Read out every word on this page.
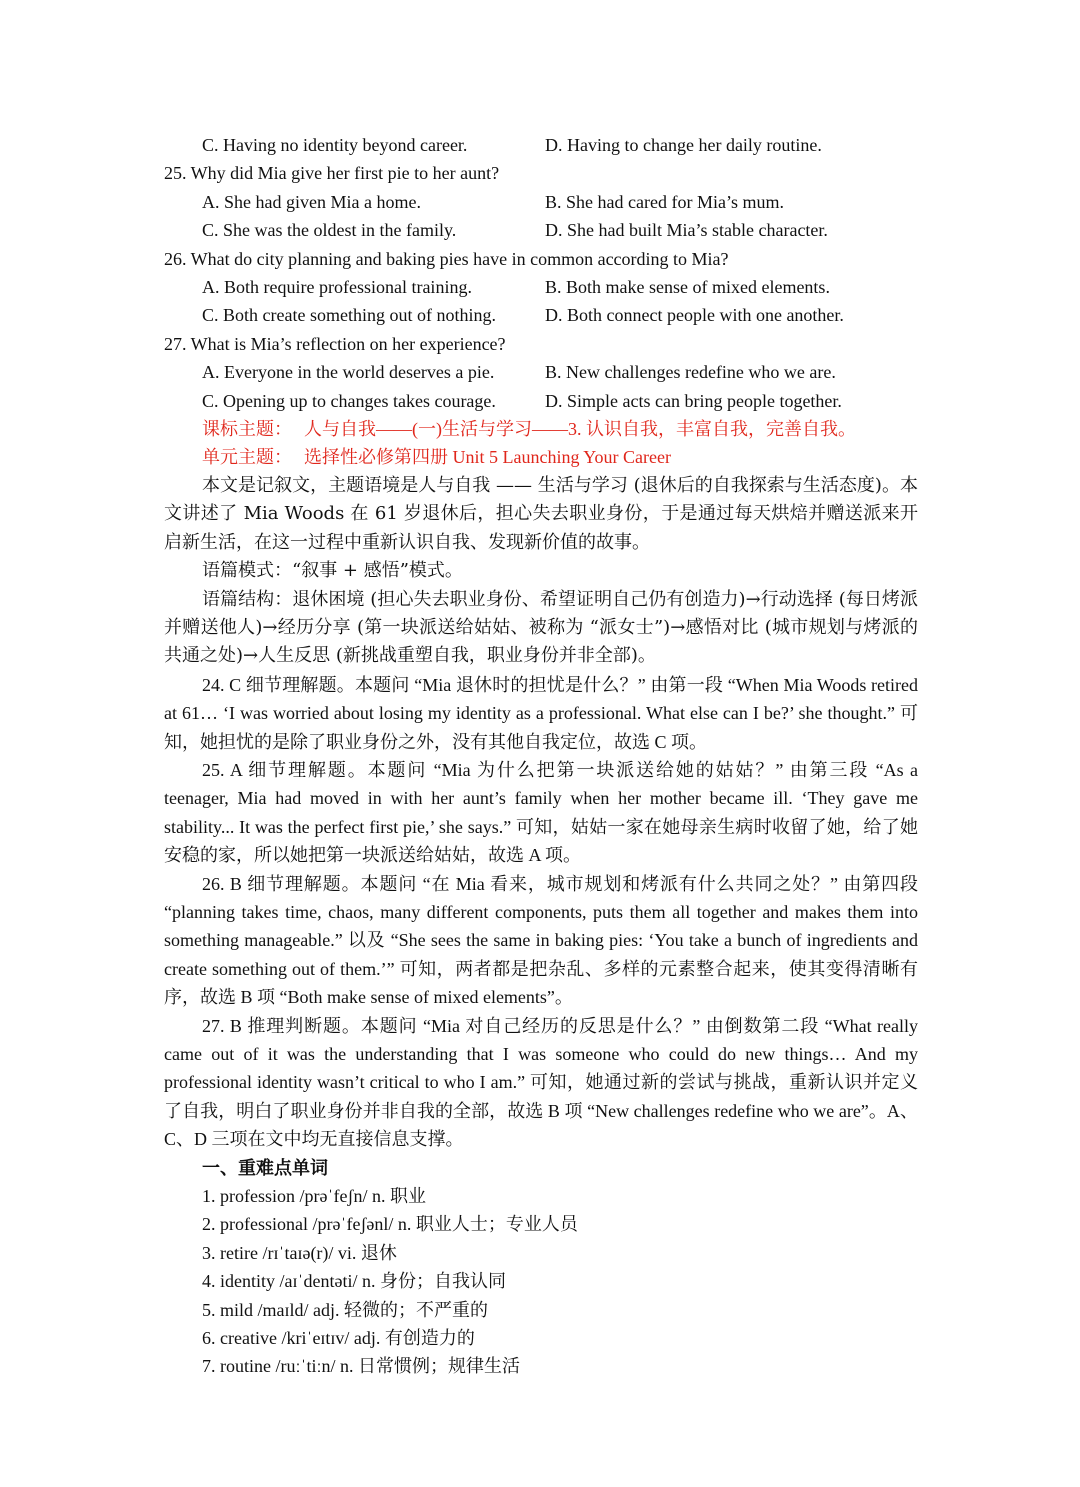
C. Having no identity beyond career.	D. Having to change her daily routine.
25. Why did Mia give her first pie to her aunt?
A. She had given Mia a home.	B. She had cared for Mia’s mum.
C. She was the oldest in the family.	D. She had built Mia’s stable character.
26. What do city planning and baking pies have in common according to Mia?
A. Both require professional training.	B. Both make sense of mixed elements.
C. Both create something out of nothing.	D. Both connect people with one another.
27. What is Mia’s reflection on her experience?
A. Everyone in the world deserves a pie.	B. New challenges redefine who we are.
C. Opening up to changes takes courage.	D. Simple acts can bring people together.
课标主题： 人与自我——(一)生活与学习——3. 认识自我，丰富自我，完善自我。
单元主题： 选择性必修第四册 Unit 5 Launching Your Career
本文是记叙文，主题语境是人与自我 —— 生活与学习 (退休后的自我探索与生活态度)。本文讲述了 Mia Woods 在 61 岁退休后，担心失去职业身份，于是通过每天烘焙并赠送派来开启新生活，在这一过程中重新认识自我、发现新价值的故事。
语篇模式：“叙事 + 感悟”模式。
语篇结构：退休困境 (担心失去职业身份、希望证明自己仍有创造力)→行动选择 (每日烤派并赠送他人)→经历分享 (第一块派送给姑姑、被称为 “派女士”)→感悟对比 (城市规划与烤派的共通之处)→人生反思 (新挑战重塑自我，职业身份并非全部)。
24. C 细节理解题。本题问 “Mia 退休时的担忧是什么？” 由第一段 “When Mia Woods retired at 61… ‘I was worried about losing my identity as a professional. What else can I be?’ she thought.” 可知，她担忧的是除了职业身份之外，没有其他自我定位，故选 C 项。
25. A 细节理解题。本题问 “Mia 为什么把第一块派送给她的姑姑？” 由第三段 “As a teenager, Mia had moved in with her aunt’s family when her mother became ill. ‘They gave me stability... It was the perfect first pie,’ she says.” 可知，姑姑一家在她母亲生病时收留了她，给了她安稳的家，所以她把第一块派送给姑姑，故选 A 项。
26. B 细节理解题。本题问 “在 Mia 看来，城市规划和烤派有什么共同之处？” 由第四段 “planning takes time, chaos, many different components, puts them all together and makes them into something manageable.” 以及 “She sees the same in baking pies: ‘You take a bunch of ingredients and create something out of them.’” 可知，两者都是把杂乱、多样的元素整合起来，使其变得清晰有序，故选 B 项 “Both make sense of mixed elements”。
27. B 推理判断题。本题问 “Mia 对自己经历的反思是什么？” 由倒数第二段 “What really came out of it was the understanding that I was someone who could do new things… And my professional identity wasn’t critical to who I am.” 可知，她通过新的尝试与挑战，重新认识并定义了自我，明白了职业身份并非自我的全部，故选 B 项 “New challenges redefine who we are”。A、C、D 三项在文中均无直接信息支撑。
一、重难点单词
1. profession /prəˈfeʃn/ n. 职业
2. professional /prəˈfeʃənl/ n. 职业人士；专业人员
3. retire /rɪˈtaɪə(r)/ vi. 退休
4. identity /aɪˈdentəti/ n. 身份；自我认同
5. mild /maɪld/ adj. 轻微的；不严重的
6. creative /kriˈeɪtɪv/ adj. 有创造力的
7. routine /ruːˈtiːn/ n. 日常惯例；规律生活
